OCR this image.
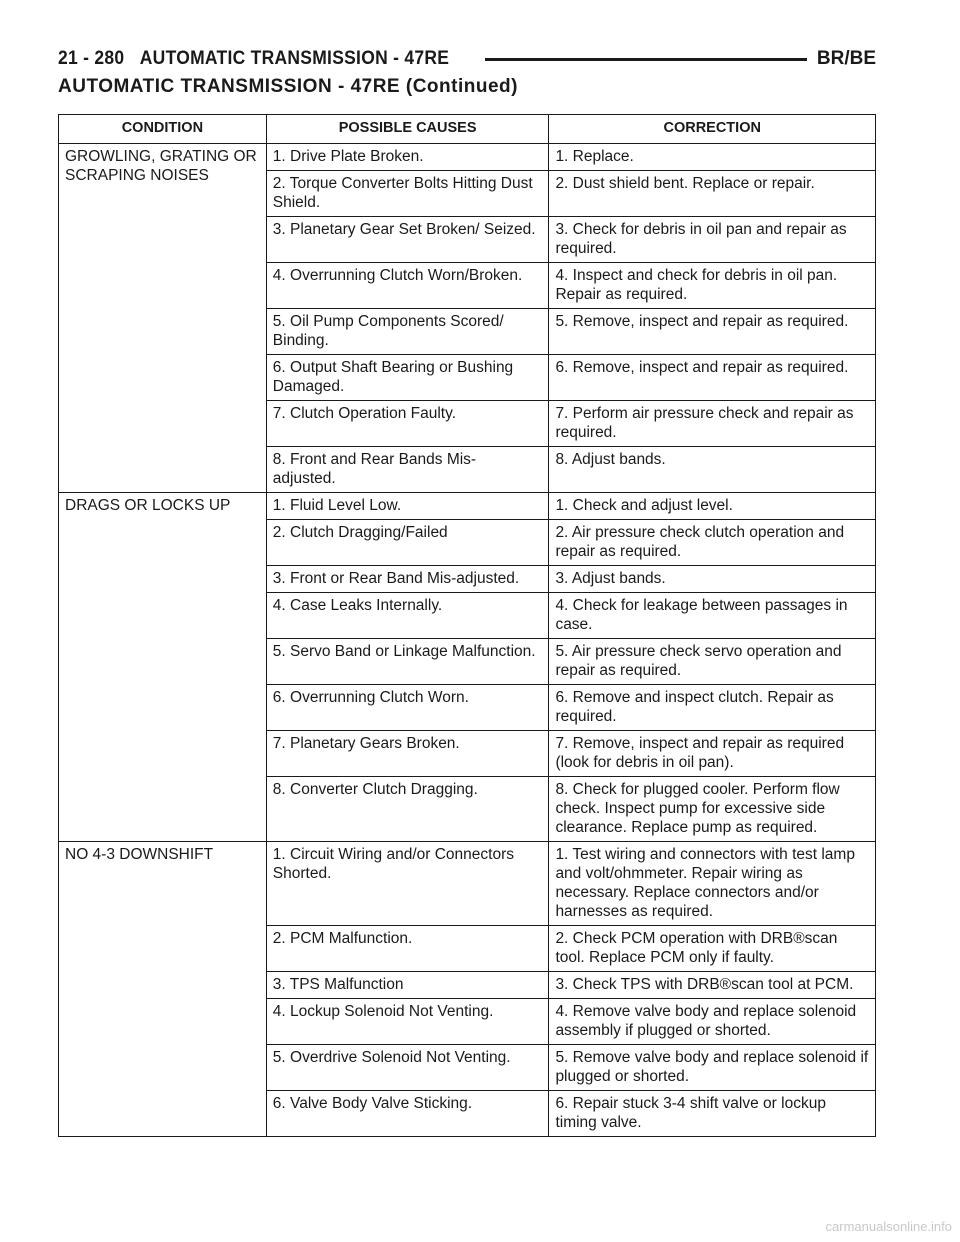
21 - 280 AUTOMATIC TRANSMISSION - 47RE	BR/BE
AUTOMATIC TRANSMISSION - 47RE (Continued)
CONDITION	POSSIBLE CAUSES	CORRECTION
GROWLING, GRATING OR SCRAPING NOISES	1. Drive Plate Broken.	1. Replace.
	2. Torque Converter Bolts Hitting Dust Shield.	2. Dust shield bent. Replace or repair.
	3. Planetary Gear Set Broken/ Seized.	3. Check for debris in oil pan and repair as required.
	4. Overrunning Clutch Worn/Broken.	4. Inspect and check for debris in oil pan. Repair as required.
	5. Oil Pump Components Scored/ Binding.	5. Remove, inspect and repair as required.
	6. Output Shaft Bearing or Bushing Damaged.	6. Remove, inspect and repair as required.
	7. Clutch Operation Faulty.	7. Perform air pressure check and repair as required.
	8. Front and Rear Bands Mis- adjusted.	8. Adjust bands.
DRAGS OR LOCKS UP	1. Fluid Level Low.	1. Check and adjust level.
	2. Clutch Dragging/Failed	2. Air pressure check clutch operation and repair as required.
	3. Front or Rear Band Mis-adjusted.	3. Adjust bands.
	4. Case Leaks Internally.	4. Check for leakage between passages in case.
	5. Servo Band or Linkage Malfunction.	5. Air pressure check servo operation and repair as required.
	6. Overrunning Clutch Worn.	6. Remove and inspect clutch. Repair as required.
	7. Planetary Gears Broken.	7. Remove, inspect and repair as required (look for debris in oil pan).
	8. Converter Clutch Dragging.	8. Check for plugged cooler. Perform flow check. Inspect pump for excessive side clearance. Replace pump as required.
NO 4-3 DOWNSHIFT	1. Circuit Wiring and/or Connectors Shorted.	1. Test wiring and connectors with test lamp and volt/ohmmeter. Repair wiring as necessary. Replace connectors and/or harnesses as required.
	2. PCM Malfunction.	2. Check PCM operation with DRB®scan tool. Replace PCM only if faulty.
	3. TPS Malfunction	3. Check TPS with DRB®scan tool at PCM.
	4. Lockup Solenoid Not Venting.	4. Remove valve body and replace solenoid assembly if plugged or shorted.
	5. Overdrive Solenoid Not Venting.	5. Remove valve body and replace solenoid if plugged or shorted.
	6. Valve Body Valve Sticking.	6. Repair stuck 3-4 shift valve or lockup timing valve.
carmanualsonline.info
